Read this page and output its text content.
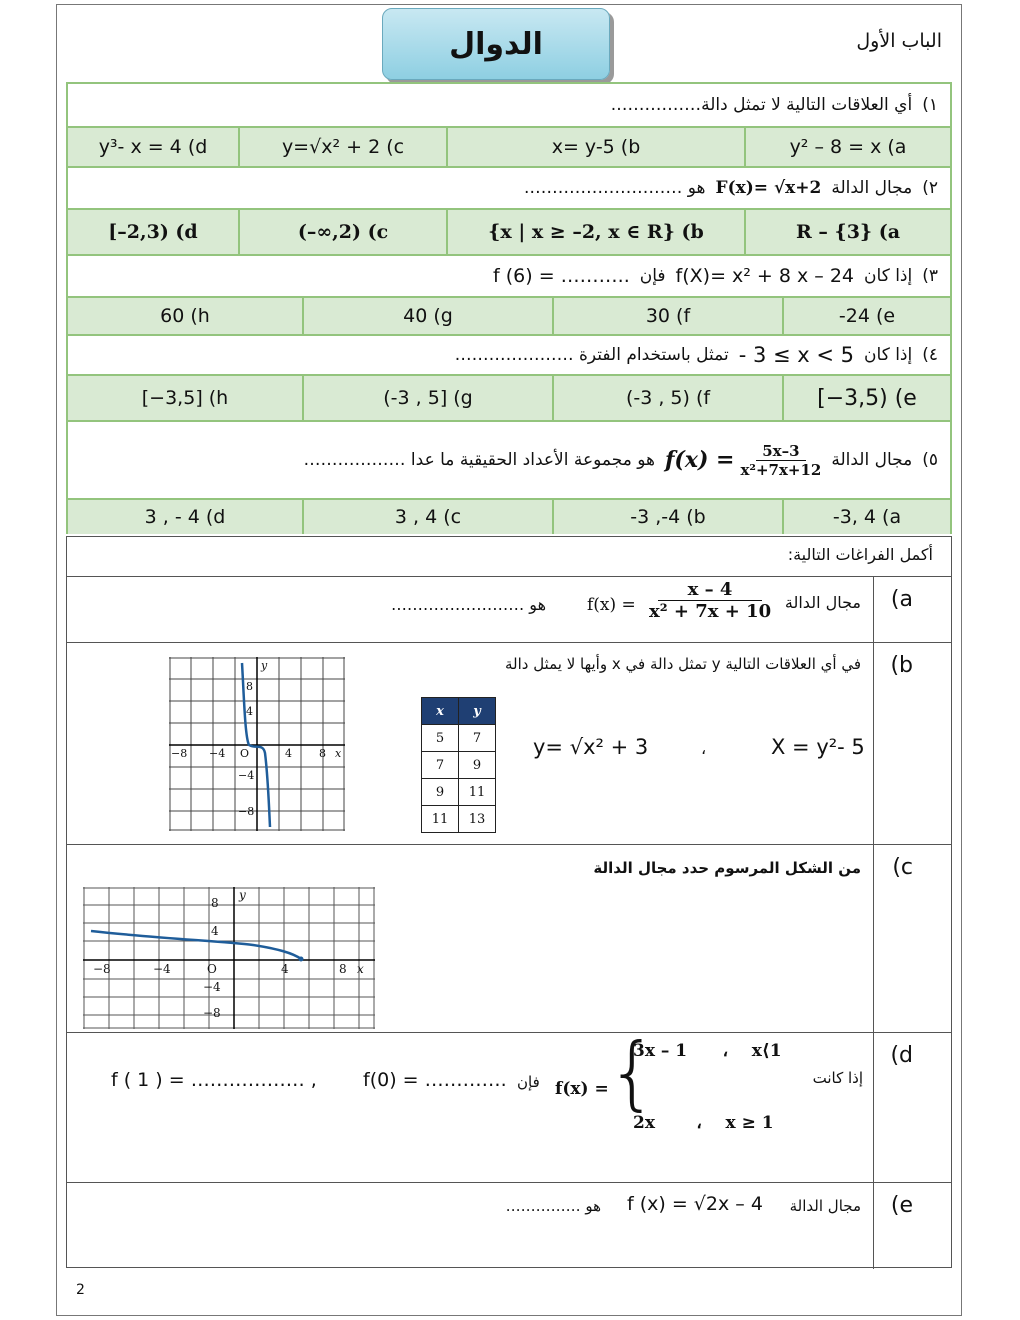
الدوال	الباب الأول
١)
أي العلاقات التالية لا تمثل دالة…………….
y³- x = 4 (d	y=√x² + 2 (c	x= y-5 (b	y² – 8 = x (a
٢)
مجال الدالة
F(x)= √x+2
هو ……………………….
[–2,3) (d	(–∞,2) (c	{x | x ≥ –2, x ∈ R} (b	R – {3} (a
٣)
إذا كان
f(X)= x² + 8 x – 24
فإن
f (6) = ………..
60 (h	40 (g	30 (f	-24 (e
٤)
إذا كان
- 3 ≤ x < 5
تمثل باستخدام الفترة …………………
[−3,5] (h	(-3 , 5] (g	(-3 , 5) (f	[−3,5) (e
٥)
مجال الدالة
$f(x) = \frac{5x-3}{\text{x²+7x+12}}$
هو مجموعة الأعداد الحقيقية ما عدا ………………
3 , - 4 (d	3 , 4 (c	-3 ,-4 (b	-3, 4 (a
أكمل الفراغات التالية:
(a
مجال الدالة
$\frac{x - 4}{\text{x² + 7x + 10}}$
f(x) =
هو …………………….
(b
في أي العلاقات التالية y تمثل دالة في x وأيها لا يمثل دالة
X = y²- 5
،
y= √x² + 3
x	y
5	7
7	9
9	11
11	13
−8 −4 O	4 8 x
8
4
−4
−8
y
(c
من الشكل المرسوم حدد مجال الدالة
−8	−4	O	4	8 x
8
4
−4
−8
y
(d
إذا كانت
3x – 1      ،    x⟨1
2x       ،    x ≥ 1
{
f(x) =
فإن
f(0) = ………….
f ( 1 ) = ……………… ,
(e
مجال الدالة
f (x) = √2x – 4
هو ……………
2
